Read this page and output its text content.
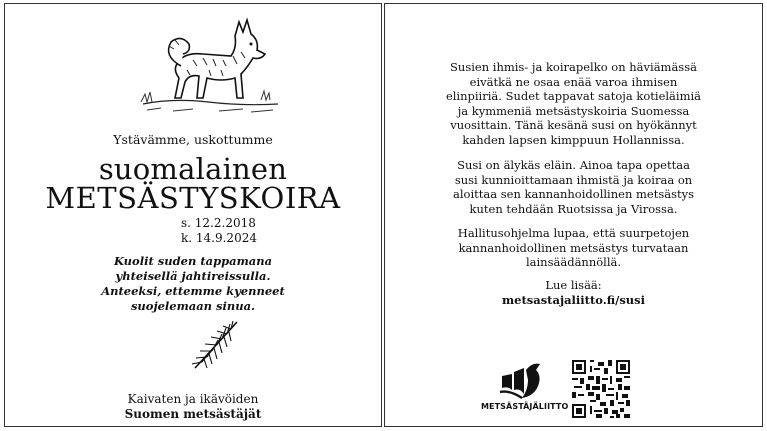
Ystävämme, uskottumme
suomalainen
METSÄSTYSKOIRA
s. 12.2.2018
k. 14.9.2024
Kuolit suden tappamana
yhteisellä jahtireissulla.
Anteeksi, ettemme kyenneet
suojelemaan sinua.
Kaivaten ja ikävöiden
Suomen metsästäjät
Susien ihmis- ja koirapelko on häviämässä
eivätkä ne osaa enää varoa ihmisen
elinpiiriä. Sudet tappavat satoja kotieläimiä
ja kymmeniä metsästyskoiria Suomessa
vuosittain. Tänä kesänä susi on hyökännyt
kahden lapsen kimppuun Hollannissa.
Susi on älykäs eläin. Ainoa tapa opettaa
susi kunnioittamaan ihmistä ja koiraa on
aloittaa sen kannanhoidollinen metsästys
kuten tehdään Ruotsissa ja Virossa.
Hallitusohjelma lupaa, että suurpetojen
kannanhoidollinen metsästys turvataan
lainsäädännöllä.
Lue lisää:
metsastajaliitto.fi/susi
METSÄSTÄJÄLIITTO
